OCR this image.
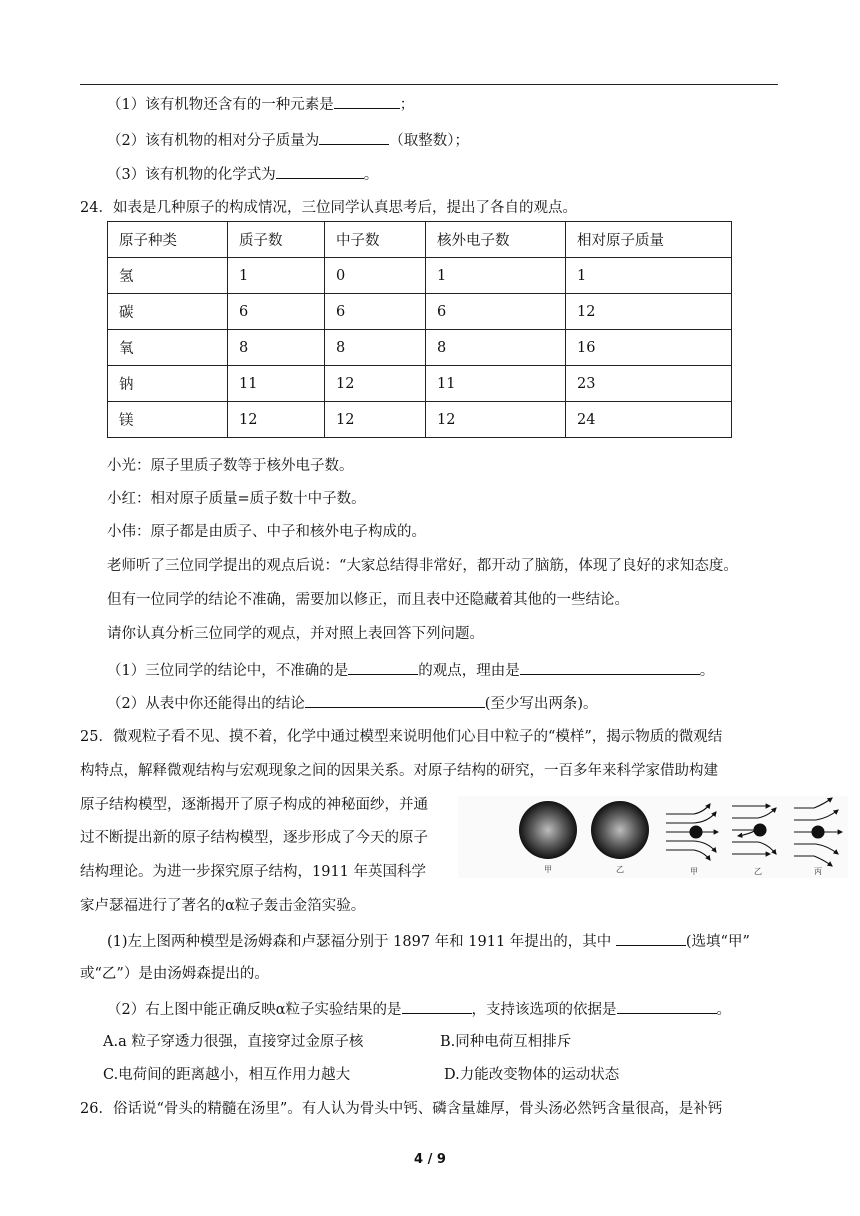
（1）该有机物还含有的一种元素是	；
（2）该有机物的相对分子质量为	（取整数）；
（3）该有机物的化学式为	。
24．如表是几种原子的构成情况，三位同学认真思考后，提出了各自的观点。
原子种类	质子数	中子数	核外电子数	相对原子质量
氢	1	0	1	1
碳	6	6	6	12
氧	8	8	8	16
钠	11	12	11	23
镁	12	12	12	24
小光：原子里质子数等于核外电子数。
小红：相对原子质量=质子数十中子数。
小伟：原子都是由质子、中子和核外电子构成的。
老师听了三位同学提出的观点后说：“大家总结得非常好，都开动了脑筋，体现了良好的求知态度。
但有一位同学的结论不准确，需要加以修正，而且表中还隐藏着其他的一些结论。
请你认真分析三位同学的观点，并对照上表回答下列问题。
（1）三位同学的结论中，不准确的是	的观点，理由是	。
（2）从表中你还能得出的结论	(至少写出两条)。
25．微观粒子看不见、摸不着，化学中通过模型来说明他们心目中粒子的“模样”，揭示物质的微观结
构特点，解释微观结构与宏观现象之间的因果关系。对原子结构的研究，一百多年来科学家借助构建
原子结构模型，逐渐揭开了原子构成的神秘面纱，并通
过不断提出新的原子结构模型，逐步形成了今天的原子
结构理论。为进一步探究原子结构，1911 年英国科学
家卢瑟福进行了著名的α粒子轰击金箔实验。
甲	乙	甲	乙	丙
(1)左上图两种模型是汤姆森和卢瑟福分别于 1897 年和 1911 年提出的，其中	(选填“甲”
或“乙”）是由汤姆森提出的。
（2）右上图中能正确反映α粒子实验结果的是	，支持该选项的依据是	。
A.a 粒子穿透力很强，直接穿过金原子核	B.同种电荷互相排斥
C.电荷间的距离越小，相互作用力越大	D.力能改变物体的运动状态
26．俗话说“骨头的精髓在汤里”。有人认为骨头中钙、磷含量雄厚，骨头汤必然钙含量很高，是补钙
4 / 9
